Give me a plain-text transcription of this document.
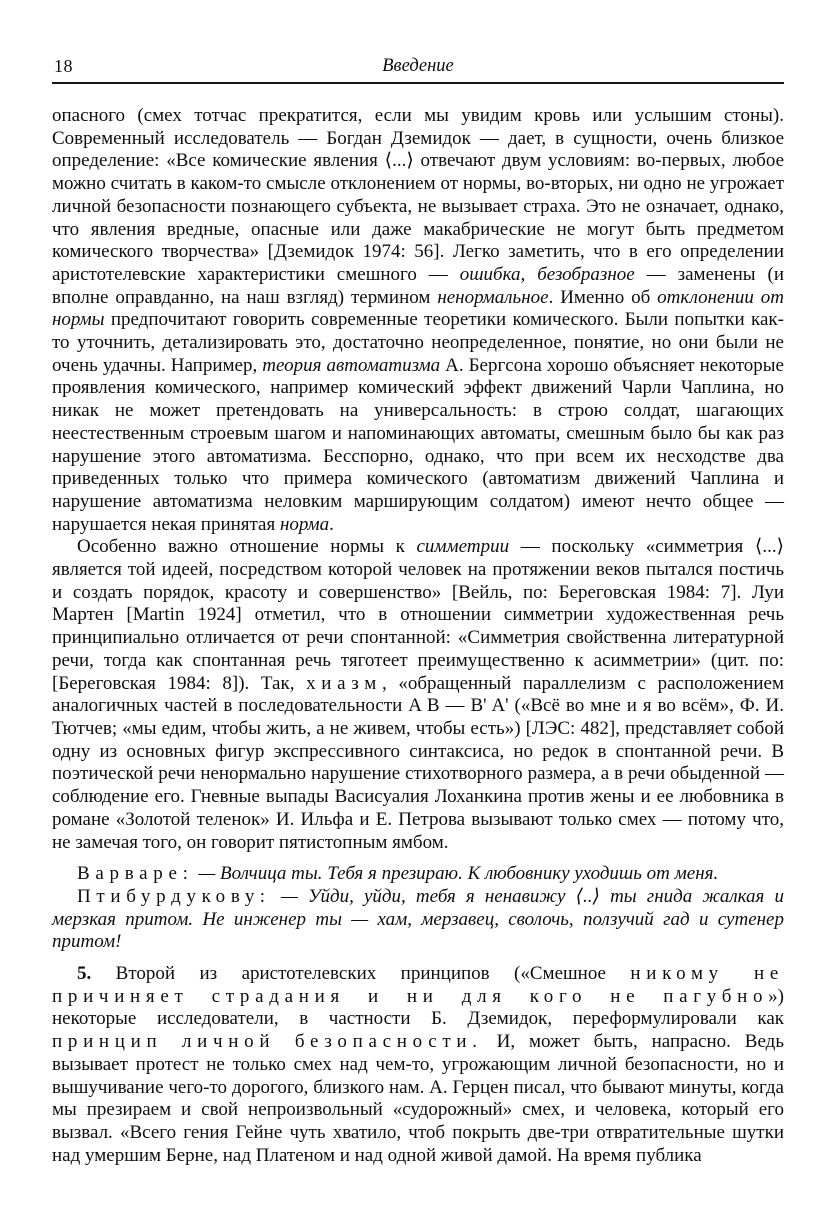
18	Введение

опасного (смех тотчас прекратится, если мы увидим кровь или услышим стоны). Современный исследователь — Богдан Дземидок — дает, в сущности, очень близкое определение: «Все комические явления ⟨...⟩ отвечают двум условиям: во-первых, любое можно считать в каком-то смысле отклонением от нормы, во-вторых, ни одно не угрожает личной безопасности познающего субъекта, не вызывает страха. Это не означает, однако, что явления вредные, опасные или даже макабрические не могут быть предметом комического творчества» [Дземидок 1974: 56]. Легко заметить, что в его определении аристотелевские характеристики смешного — ошибка, безобразное — заменены (и вполне оправданно, на наш взгляд) термином ненормальное. Именно об отклонении от нормы предпочитают говорить современные теоретики комического. Были попытки как-то уточнить, детализировать это, достаточно неопределенное, понятие, но они были не очень удачны. Например, теория автоматизма А. Бергсона хорошо объясняет некоторые проявления комического, например комический эффект движений Чарли Чаплина, но никак не может претендовать на универсальность: в строю солдат, шагающих неестественным строевым шагом и напоминающих автоматы, смешным было бы как раз нарушение этого автоматизма. Бесспорно, однако, что при всем их несходстве два приведенных только что примера комического (автоматизм движений Чаплина и нарушение автоматизма неловким марширующим солдатом) имеют нечто общее — нарушается некая принятая норма.

Особенно важно отношение нормы к симметрии — поскольку «симметрия ⟨...⟩ является той идеей, посредством которой человек на протяжении веков пытался постичь и создать порядок, красоту и совершенство» [Вейль, по: Береговская 1984: 7]. Луи Мартен [Martin 1924] отметил, что в отношении симметрии художественная речь принципиально отличается от речи спонтанной: «Симметрия свойственна литературной речи, тогда как спонтанная речь тяготеет преимущественно к асимметрии» (цит. по: [Береговская 1984: 8]). Так, хиазм, «обращенный параллелизм с расположением аналогичных частей в последовательности A B — B' A' («Всё во мне и я во всём», Ф. И. Тютчев; «мы едим, чтобы жить, а не живем, чтобы есть») [ЛЭС: 482], представляет собой одну из основных фигур экспрессивного синтаксиса, но редок в спонтанной речи. В поэтической речи ненормально нарушение стихотворного размера, а в речи обыденной — соблюдение его. Гневные выпады Васисуалия Лоханкина против жены и ее любовника в романе «Золотой теленок» И. Ильфа и Е. Петрова вызывают только смех — потому что, не замечая того, он говорит пятистопным ямбом.

Варваре: — Волчица ты. Тебя я презираю. К любовнику уходишь от меня.

Птибурдукову: — Уйди, уйди, тебя я ненавижу ⟨..⟩ ты гнида жалкая и мерзкая притом. Не инженер ты — хам, мерзавец, сволочь, ползучий гад и сутенер притом!

5. Второй из аристотелевских принципов («Смешное никому не причиняет страдания и ни для кого не пагубно») некоторые исследователи, в частности Б. Дземидок, переформулировали как принцип личной безопасности. И, может быть, напрасно. Ведь вызывает протест не только смех над чем-то, угрожающим личной безопасности, но и вышучивание чего-то дорогого, близкого нам. А. Герцен писал, что бывают минуты, когда мы презираем и свой непроизвольный «судорожный» смех, и человека, который его вызвал. «Всего гения Гейне чуть хватило, чтоб покрыть две-три отвратительные шутки над умершим Берне, над Платеном и над одной живой дамой. На время публика
